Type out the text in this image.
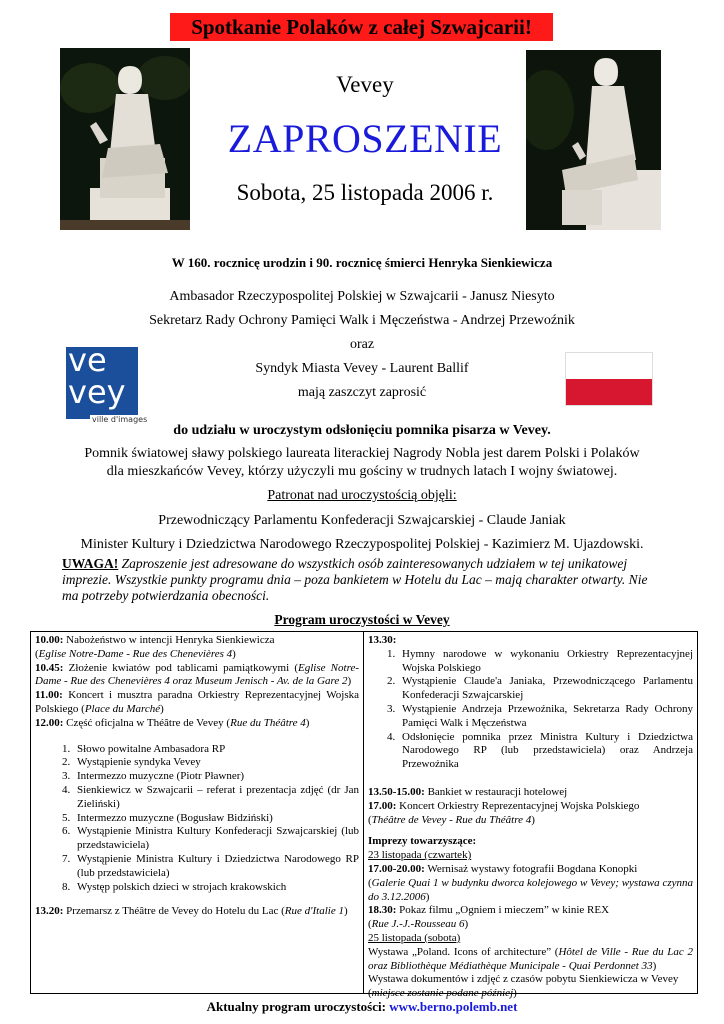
Spotkanie Polaków z całej Szwajcarii!
Vevey
ZAPROSZENIE
Sobota, 25 listopada 2006 r.
W 160. rocznicę urodzin i 90. rocznicę śmierci Henryka Sienkiewicza
Ambasador Rzeczypospolitej Polskiej w Szwajcarii - Janusz Niesyto
Sekretarz Rady Ochrony Pamięci Walk i Męczeństwa - Andrzej Przewoźnik
oraz
Syndyk Miasta Vevey - Laurent Ballif
mają zaszczyt zaprosić
ve
vey
ville d'images
do udziału w uroczystym odsłonięciu pomnika pisarza w Vevey.
Pomnik światowej sławy polskiego laureata literackiej Nagrody Nobla jest darem Polski i Polaków
dla mieszkańców Vevey, którzy użyczyli mu gościny w trudnych latach I wojny światowej.
Patronat nad uroczystością objęli:
Przewodniczący Parlamentu Konfederacji Szwajcarskiej - Claude Janiak
Minister Kultury i Dziedzictwa Narodowego Rzeczypospolitej Polskiej - Kazimierz M. Ujazdowski.
UWAGA! Zaproszenie jest adresowane do wszystkich osób zainteresowanych udziałem w tej unikatowej imprezie. Wszystkie punkty programu dnia – poza bankietem w Hotelu du Lac – mają charakter otwarty. Nie ma potrzeby potwierdzania obecności.
Program uroczystości w Vevey

10.00: Nabożeństwo w intencji Henryka Sienkiewicza
(Eglise Notre-Dame - Rue des Chenevières 4)

10.45: Złożenie kwiatów pod tablicami pamiątkowymi (Eglise Notre-Dame - Rue des Chenevières 4 oraz Museum Jenisch - Av. de la Gare 2)

11.00: Koncert i musztra paradna Orkiestry Reprezentacyjnej Wojska Polskiego (Place du Marché)

12.00: Część oficjalna w Théâtre de Vevey (Rue du Théâtre 4)

1. Słowo powitalne Ambasadora RP
2. Wystąpienie syndyka Vevey
3. Intermezzo muzyczne (Piotr Pławner)
4. Sienkiewicz w Szwajcarii – referat i prezentacja zdjęć (dr Jan Zieliński)
5. Intermezzo muzyczne (Bogusław Bidziński)
6. Wystąpienie Ministra Kultury Konfederacji Szwajcarskiej (lub przedstawiciela)
7. Wystąpienie Ministra Kultury i Dziedzictwa Narodowego RP (lub przedstawiciela)
8. Występ polskich dzieci w strojach krakowskich

13.20: Przemarsz z Théâtre de Vevey do Hotelu du Lac (Rue d'Italie 1)

13.30:

1. Hymny narodowe w wykonaniu Orkiestry Reprezentacyjnej Wojska Polskiego
2. Wystąpienie Claude'a Janiaka, Przewodniczącego Parlamentu Konfederacji Szwajcarskiej
3. Wystąpienie Andrzeja Przewoźnika, Sekretarza Rady Ochrony Pamięci Walk i Męczeństwa
4. Odsłonięcie pomnika przez Ministra Kultury i Dziedzictwa Narodowego RP (lub przedstawiciela) oraz Andrzeja Przewoźnika

13.50-15.00: Bankiet w restauracji hotelowej

17.00: Koncert Orkiestry Reprezentacyjnej Wojska Polskiego
(Théâtre de Vevey - Rue du Théâtre 4)

Imprezy towarzyszące:

23 listopada (czwartek)

17.00-20.00: Wernisaż wystawy fotografii Bogdana Konopki
(Galerie Quai 1 w budynku dworca kolejowego w Vevey; wystawa czynna do 3.12.2006)

18.30: Pokaz filmu „Ogniem i mieczem” w kinie REX
(Rue J.-J.-Rousseau 6)

25 listopada (sobota)

Wystawa „Poland. Icons of architecture” (Hôtel de Ville - Rue du Lac 2 oraz Bibliothèque Médiathèque Municipale - Quai Perdonnet 33)

Wystawa dokumentów i zdjęć z czasów pobytu Sienkiewicza w Vevey
(miejsce zostanie podane później)

Aktualny program uroczystości: www.berno.polemb.net
